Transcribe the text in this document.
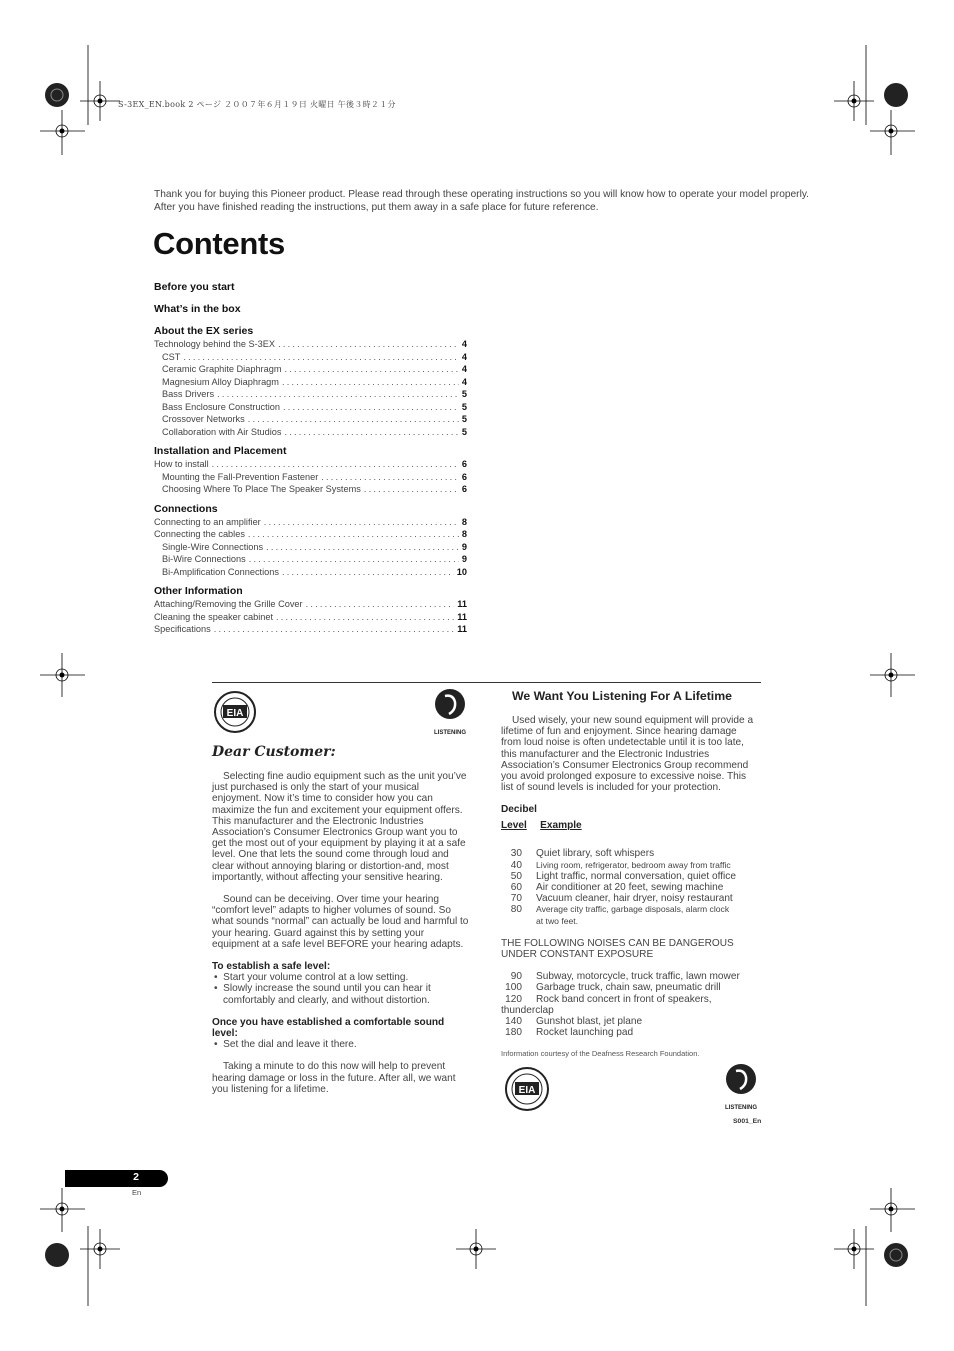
S-3EX_EN.book 2 ページ ２００７年６月１９日 火曜日 午後３時２１分
Thank you for buying this Pioneer product. Please read through these operating instructions so you will know how to operate your model properly. After you have finished reading the instructions, put them away in a safe place for future reference.
Contents
Before you start
What’s in the box
About the EX series
Technology behind the S-3EX .....	4
CST .....	4
Ceramic Graphite Diaphragm .....	4
Magnesium Alloy Diaphragm .....	4
Bass Drivers .....	5
Bass Enclosure Construction .....	5
Crossover Networks .....	5
Collaboration with Air Studios .....	5
Installation and Placement
How to install .....	6
Mounting the Fall-Prevention Fastener .....	6
Choosing Where To Place The Speaker Systems .....	6
Connections
Connecting to an amplifier .....	8
Connecting the cables .....	8
Single-Wire Connections .....	9
Bi-Wire Connections .....	9
Bi-Amplification Connections .....	10
Other Information
Attaching/Removing the Grille Cover .....	11
Cleaning the speaker cabinet .....	11
Specifications .....	11
EIA
LISTENING
Dear Customer:

Selecting fine audio equipment such as the unit you’ve just purchased is only the start of your musical enjoyment. Now it’s time to consider how you can maximize the fun and excitement your equipment offers. This manufacturer and the Electronic Industries Association’s Consumer Electronics Group want you to get the most out of your equipment by playing it at a safe level. One that lets the sound come through loud and clear without annoying blaring or distortion-and, most importantly, without affecting your sensitive hearing.

Sound can be deceiving. Over time your hearing “comfort level” adapts to higher volumes of sound. So what sounds “normal” can actually be loud and harmful to your hearing. Guard against this by setting your equipment at a safe level BEFORE your hearing adapts.

To establish a safe level:

•  Start your volume control at a low setting.

•  Slowly increase the sound until you can hear it comfortably and clearly, and without distortion.

Once you have established a comfortable sound level:

•  Set the dial and leave it there.

Taking a minute to do this now will help to prevent hearing damage or loss in the future. After all, we want you listening for a lifetime.

We Want You Listening For A Lifetime

Used wisely, your new sound equipment will provide a lifetime of fun and enjoyment. Since hearing damage from loud noise is often undetectable until it is too late, this manufacturer and the Electronic Industries Association’s Consumer Electronics Group recommend you avoid prolonged exposure to excessive noise. This list of sound levels is included for your protection.

Decibel
Level Example
30 Quiet library, soft whispers
40 Living room, refrigerator, bedroom away from traffic
50 Light traffic, normal conversation, quiet office
60 Air conditioner at 20 feet, sewing machine
70 Vacuum cleaner, hair dryer, noisy restaurant
80 Average city traffic, garbage disposals, alarm clock
at two feet.
THE FOLLOWING NOISES CAN BE DANGEROUS UNDER CONSTANT EXPOSURE
90 Subway, motorcycle, truck traffic, lawn mower
100 Garbage truck, chain saw, pneumatic drill
120 Rock band concert in front of speakers,
thunderclap
140 Gunshot blast, jet plane
180 Rocket launching pad
Information courtesy of the Deafness Research Foundation.
EIA
LISTENING
S001_En
2
En
